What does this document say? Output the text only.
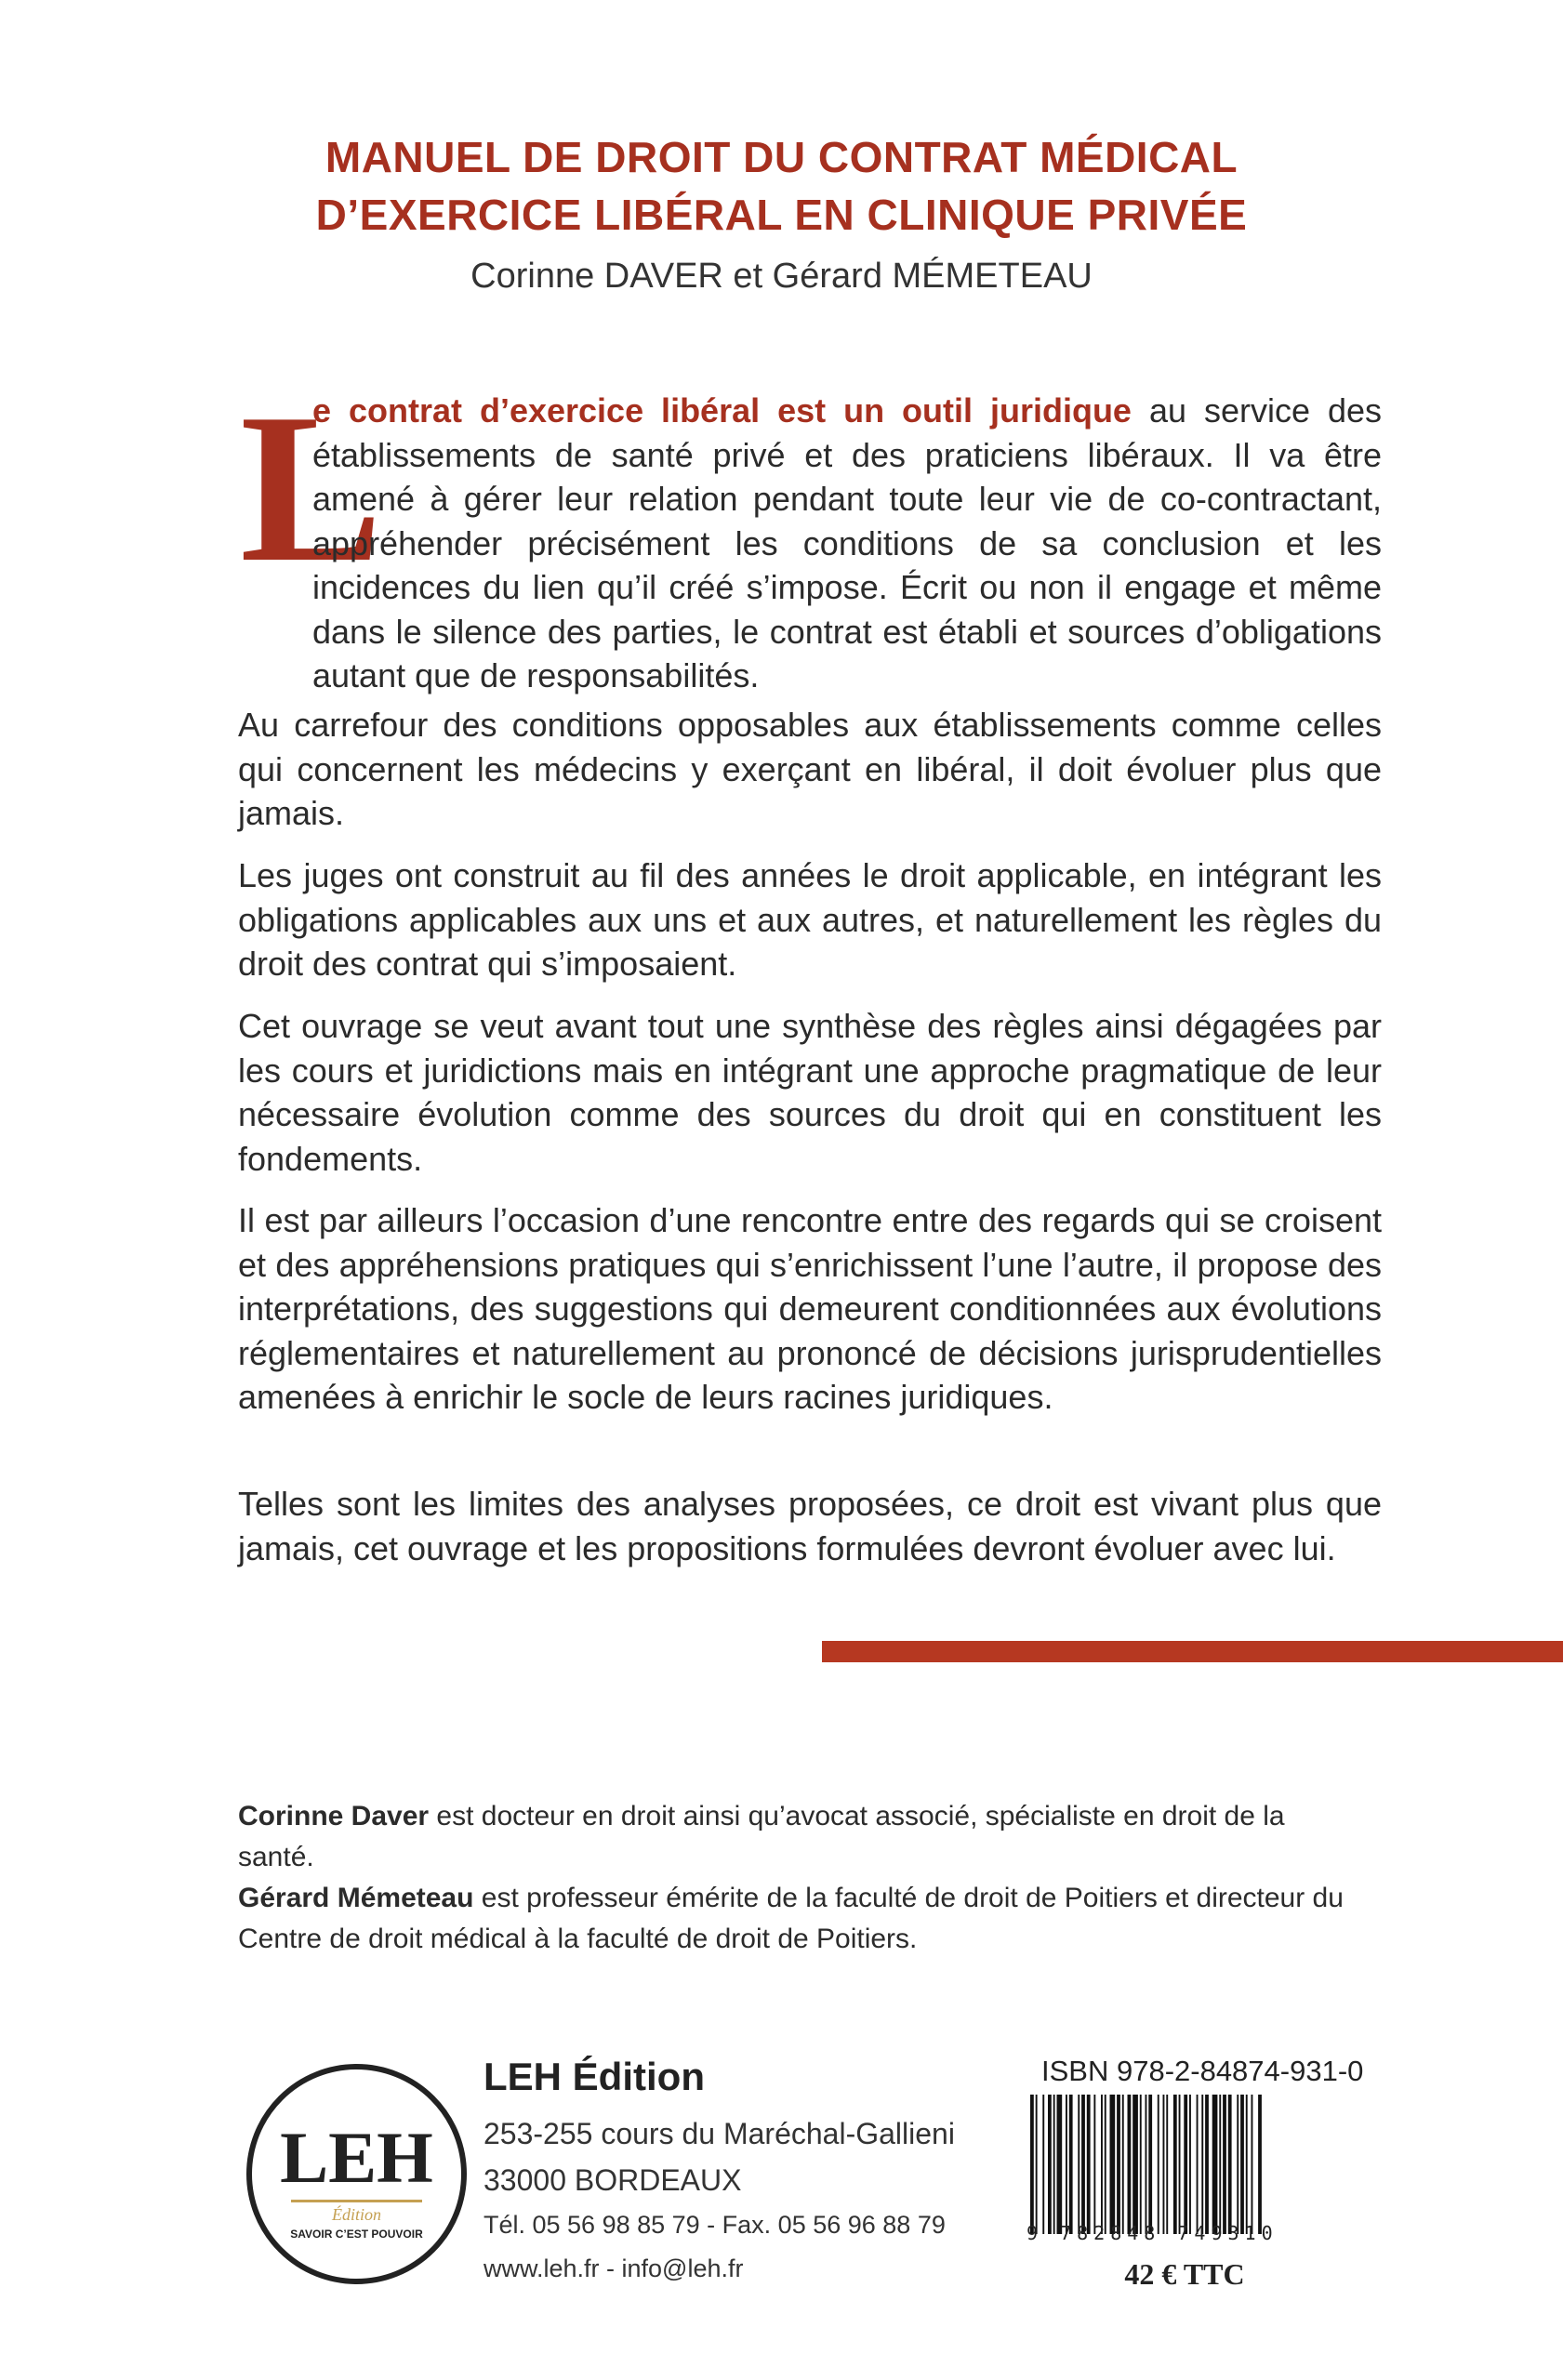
MANUEL DE DROIT DU CONTRAT MÉDICAL
D’EXERCICE LIBÉRAL EN CLINIQUE PRIVÉE

Corinne DAVER et Gérard MÉMETEAU

L

e contrat d’exercice libéral est un outil juridique au service des établissements de santé privé et des praticiens libéraux. Il va être amené à gérer leur relation pendant toute leur vie de co-contractant, appréhender précisément les conditions de sa conclusion et les incidences du lien qu’il créé s’impose. Écrit ou non il engage et même dans le silence des parties, le contrat est établi et sources d’obligations autant que de responsabilités.

Au carrefour des conditions opposables aux établissements comme celles qui concernent les médecins y exerçant en libéral, il doit évoluer plus que jamais.

Les juges ont construit au fil des années le droit applicable, en intégrant les obligations applicables aux uns et aux autres, et naturellement les règles du droit des contrat qui s’imposaient.

Cet ouvrage se veut avant tout une synthèse des règles ainsi dégagées par les cours et juridictions mais en intégrant une approche pragmatique de leur nécessaire évolution comme des sources du droit qui en constituent les fondements.

Il est par ailleurs l’occasion d’une rencontre entre des regards qui se croisent et des appréhensions pratiques qui s’enrichissent l’une l’autre, il propose des interprétations, des suggestions qui demeurent conditionnées aux évolutions réglementaires et naturellement au prononcé de décisions jurisprudentielles amenées à enrichir le socle de leurs racines juridiques.

Telles sont les limites des analyses proposées, ce droit est vivant plus que jamais, cet ouvrage et les propositions formulées devront évoluer avec lui.

Corinne Daver est docteur en droit ainsi qu’avocat associé, spécialiste en droit de la santé.

Gérard Mémeteau est professeur émérite de la faculté de droit de Poitiers et directeur du Centre de droit médical à la faculté de droit de Poitiers.

LEH
Édition
SAVOIR C’EST POUVOIR

LEH Édition

253-255 cours du Maréchal-Gallieni

33000 BORDEAUX

Tél. 05 56 98 85 79 - Fax. 05 56 96 88 79

www.leh.fr - info@leh.fr

ISBN 978-2-84874-931-0

9 782848 749310

42 € TTC
